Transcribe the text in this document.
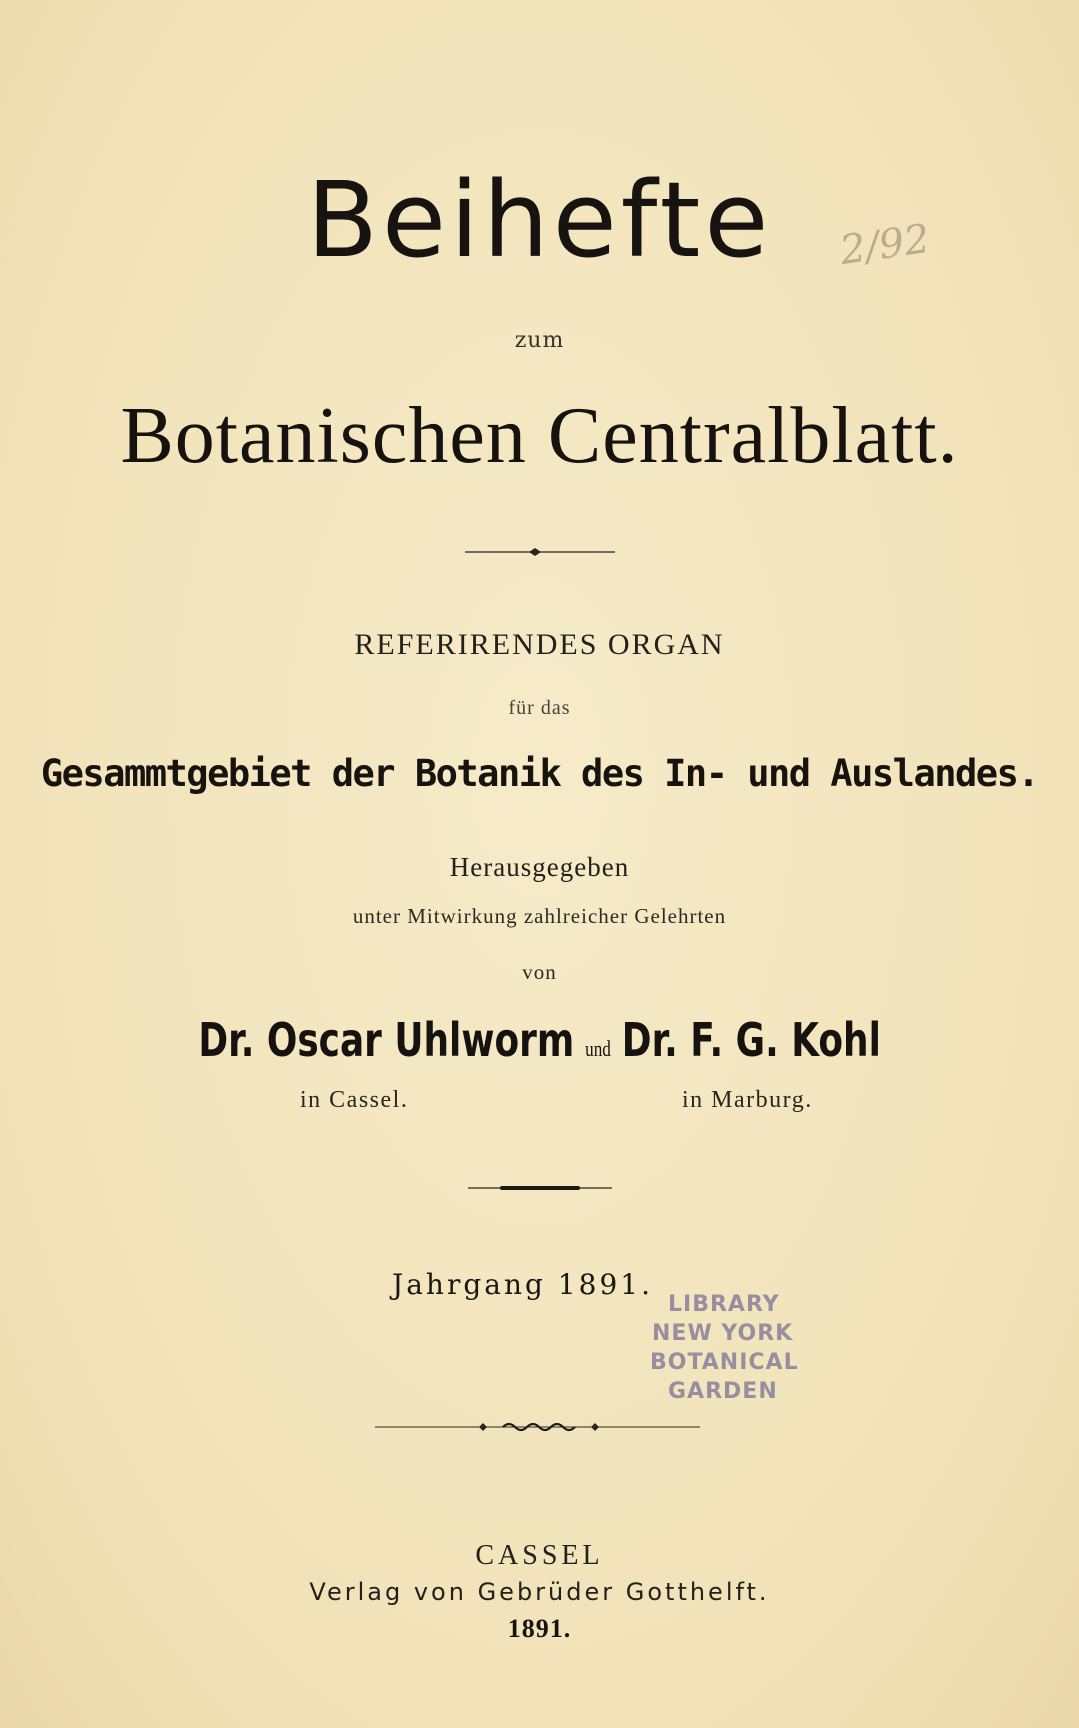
Beihefte	2/92
zum
Botanischen Centralblatt.
REFERIRENDES ORGAN
für das
Gesammtgebiet der Botanik des In- und Auslandes.
Herausgegeben
unter Mitwirkung zahlreicher Gelehrten
von
Dr. Oscar Uhlworm und Dr. F. G. Kohl
in Cassel.	in Marburg.
Jahrgang 1891.
LIBRARY
NEW YORK
BOTANICAL
GARDEN
CASSEL
Verlag von Gebrüder Gotthelft.
1891.
